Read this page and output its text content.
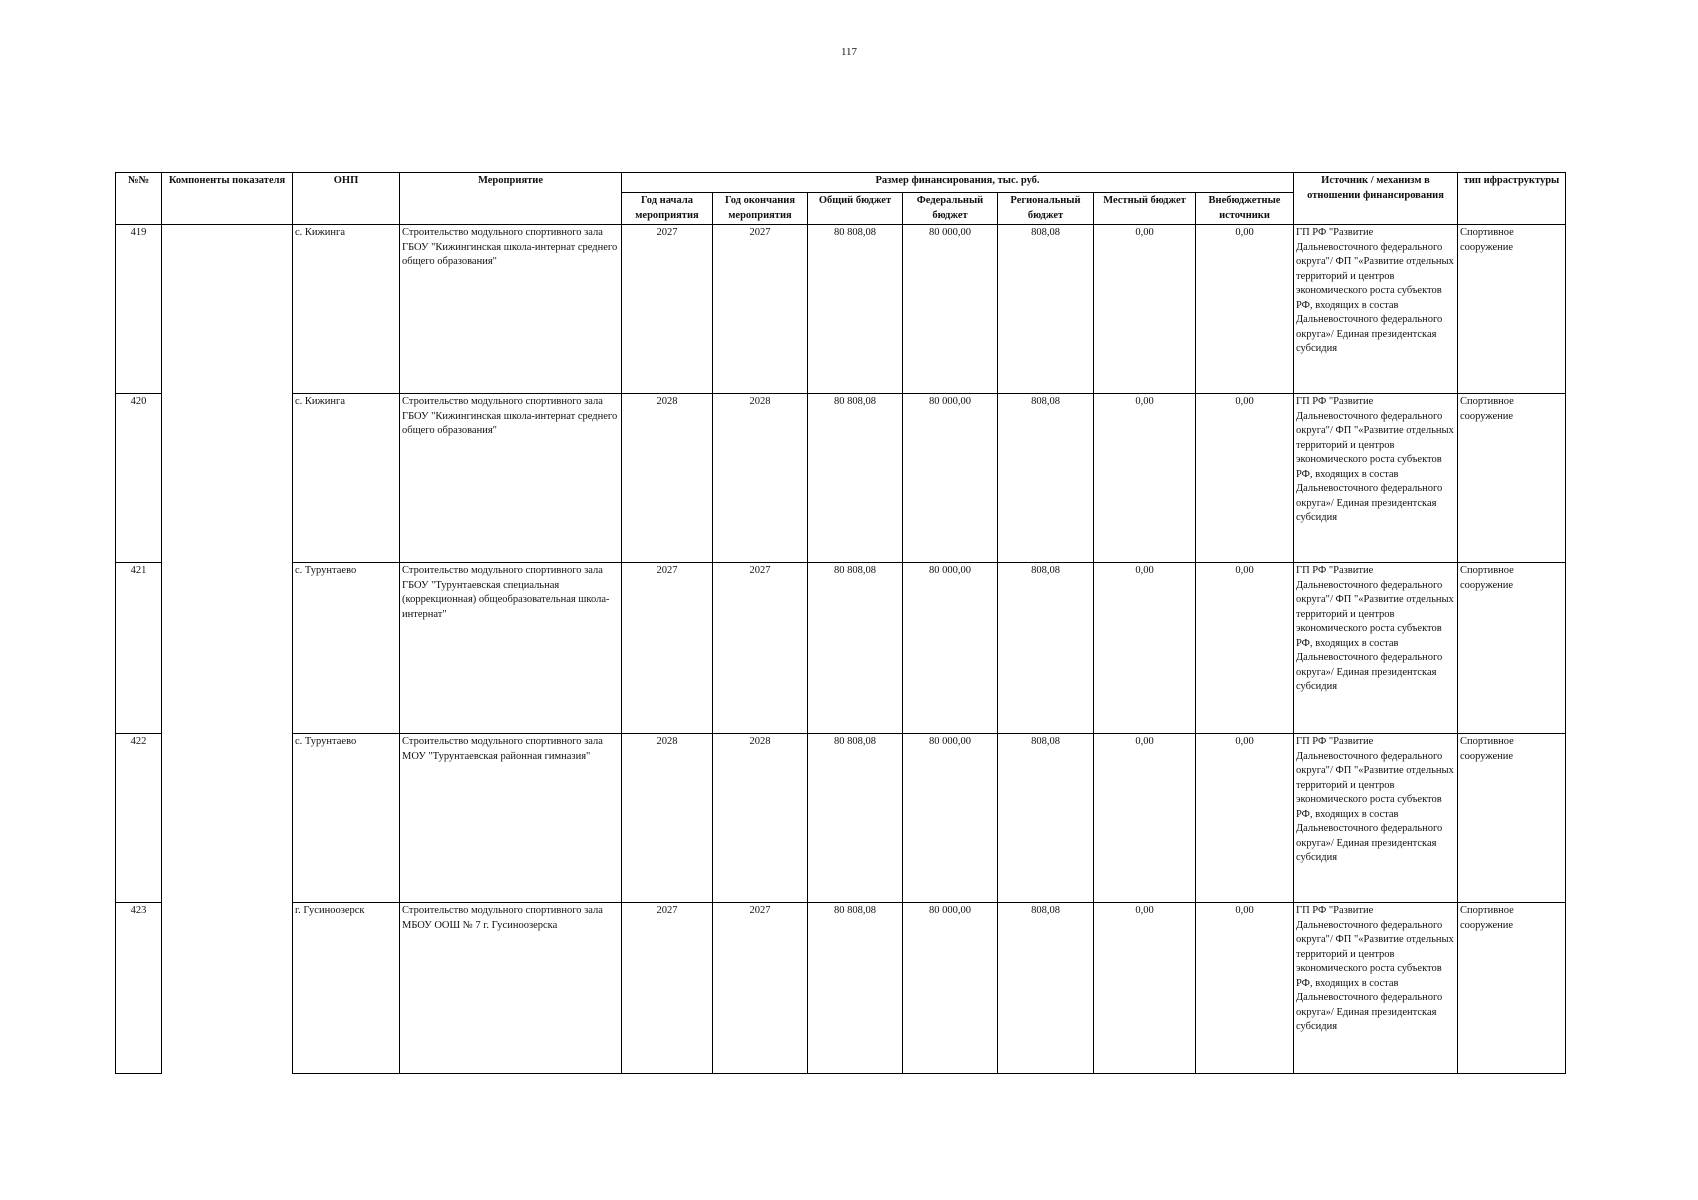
117
№№	Компоненты показателя	ОНП	Мероприятие	Размер финансирования, тыс. руб.							Источник / механизм в отношении финансирования	тип ифраструктуры
				Год начала мероприятия	Год окончания мероприятия	Общий бюджет	Федеральный бюджет	Региональный бюджет	Местный бюджет	Внебюджетные источники		
419		с. Кижинга	Строительство модульного спортивного зала ГБОУ "Кижингинская школа-интернат среднего общего образования"	2027	2027	80 808,08	80 000,00	808,08	0,00	0,00	ГП РФ "Развитие Дальневосточного федерального округа"/ ФП "«Развитие отдельных территорий и центров экономического роста субъектов РФ, входящих в состав Дальневосточного федерального округа»/ Единая президентская субсидия	Спортивное сооружение
420		с. Кижинга	Строительство модульного спортивного зала ГБОУ "Кижингинская школа-интернат среднего общего образования"	2028	2028	80 808,08	80 000,00	808,08	0,00	0,00	ГП РФ "Развитие Дальневосточного федерального округа"/ ФП "«Развитие отдельных территорий и центров экономического роста субъектов РФ, входящих в состав Дальневосточного федерального округа»/ Единая президентская субсидия	Спортивное сооружение
421		с. Турунтаево	Строительство модульного спортивного зала ГБОУ "Турунтаевская специальная (коррекционная) общеобразовательная школа-интернат"	2027	2027	80 808,08	80 000,00	808,08	0,00	0,00	ГП РФ "Развитие Дальневосточного федерального округа"/ ФП "«Развитие отдельных территорий и центров экономического роста субъектов РФ, входящих в состав Дальневосточного федерального округа»/ Единая президентская субсидия	Спортивное сооружение
422		с. Турунтаево	Строительство модульного спортивного зала МОУ "Турунтаевская районная гимназия"	2028	2028	80 808,08	80 000,00	808,08	0,00	0,00	ГП РФ "Развитие Дальневосточного федерального округа"/ ФП "«Развитие отдельных территорий и центров экономического роста субъектов РФ, входящих в состав Дальневосточного федерального округа»/ Единая президентская субсидия	Спортивное сооружение
423		г. Гусиноозерск	Строительство модульного спортивного зала МБОУ ООШ № 7 г. Гусиноозерска	2027	2027	80 808,08	80 000,00	808,08	0,00	0,00	ГП РФ "Развитие Дальневосточного федерального округа"/ ФП "«Развитие отдельных территорий и центров экономического роста субъектов РФ, входящих в состав Дальневосточного федерального округа»/ Единая президентская субсидия	Спортивное сооружение
